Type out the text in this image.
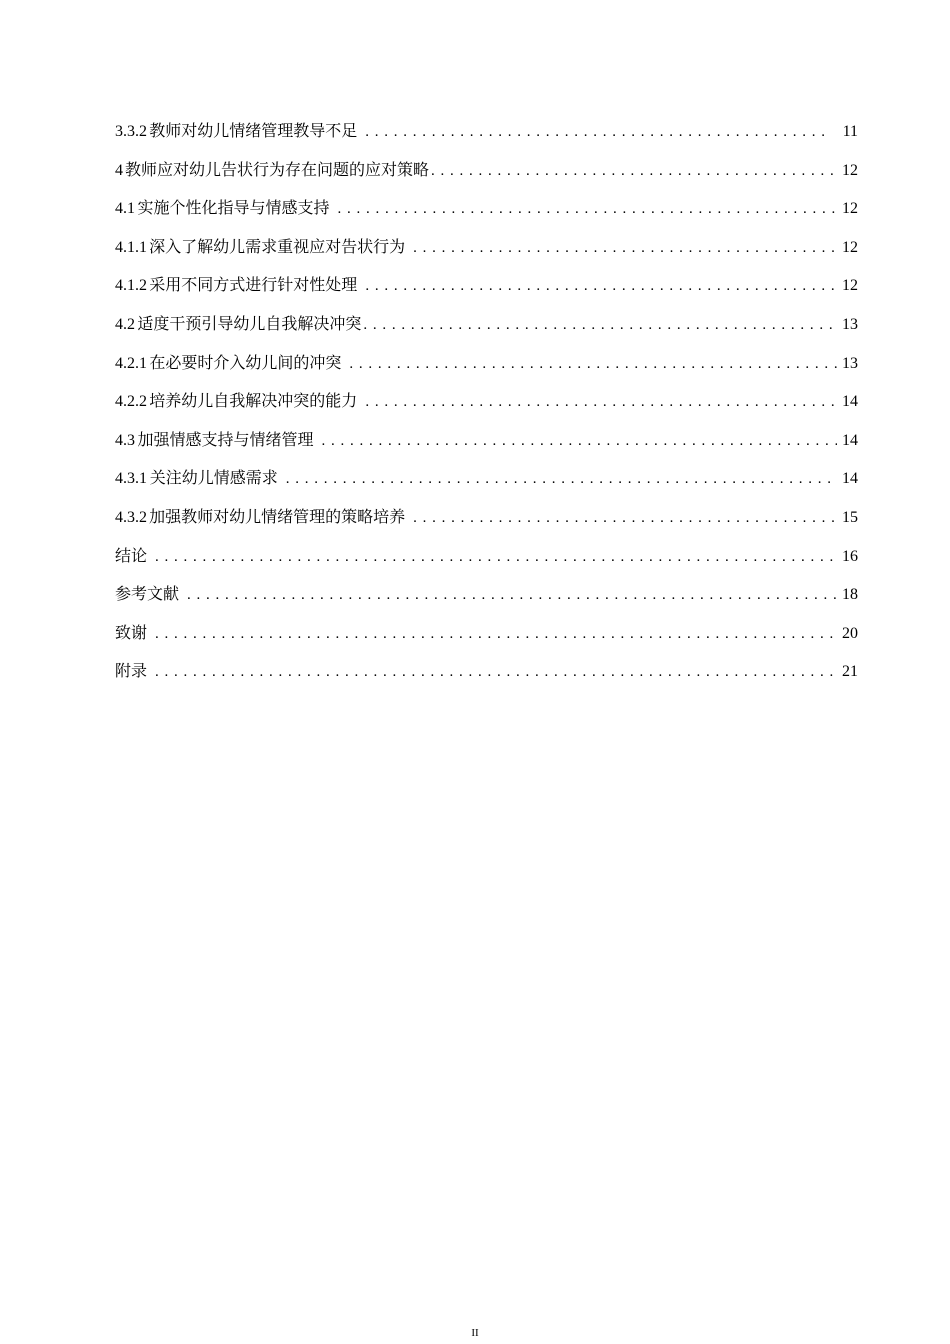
3.3.2 教师对幼儿情绪管理教导不足 . . .	11
4 教师应对幼儿告状行为存在问题的应对策略 . . .	12
4.1 实施个性化指导与情感支持 . . .	12
4.1.1 深入了解幼儿需求重视应对告状行为 . . .	12
4.1.2 采用不同方式进行针对性处理 . . .	12
4.2 适度干预引导幼儿自我解决冲突 . . .	13
4.2.1 在必要时介入幼儿间的冲突 . . .	13
4.2.2 培养幼儿自我解决冲突的能力 . . .	14
4.3 加强情感支持与情绪管理 . . .	14
4.3.1 关注幼儿情感需求 . . .	14
4.3.2 加强教师对幼儿情绪管理的策略培养 . . .	15
结论 . . .	16
参考文献 . . .	18
致谢 . . .	20
附录 . . .	21
II
